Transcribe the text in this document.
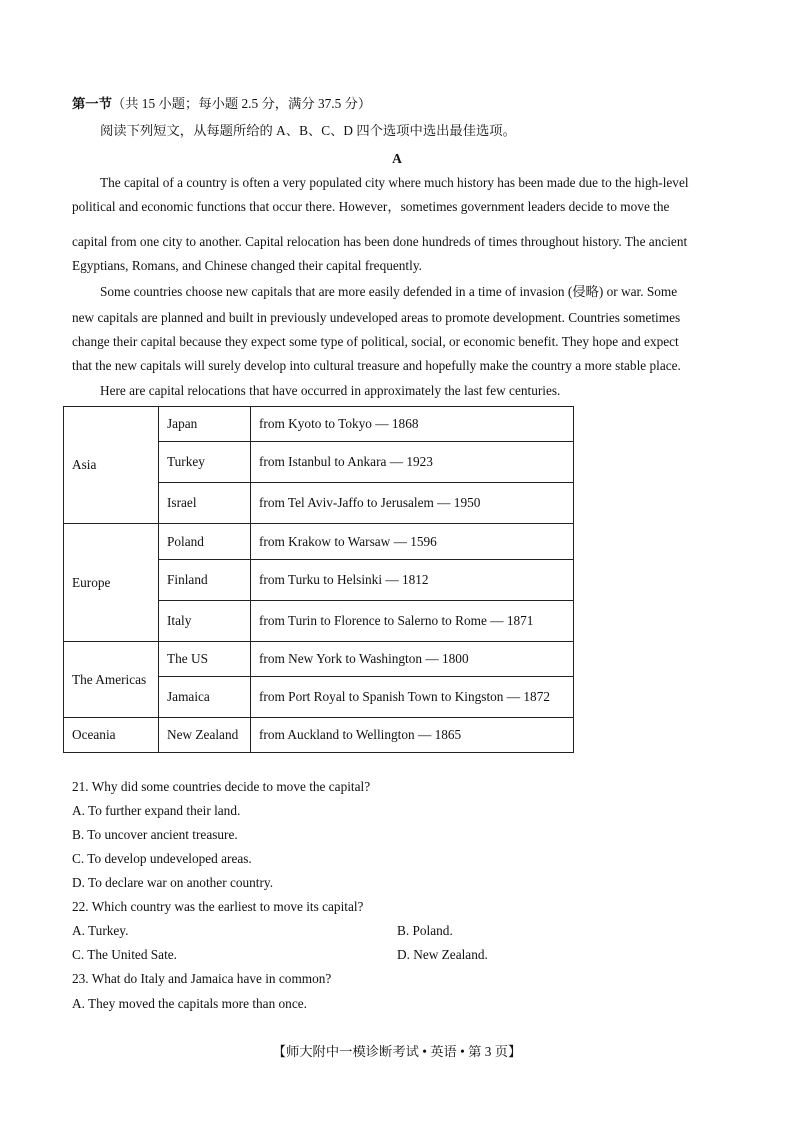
第一节（共 15 小题；每小题 2.5 分，满分 37.5 分）
阅读下列短文，从每题所给的 A、B、C、D 四个选项中选出最佳选项。
A
The capital of a country is often a very populated city where much history has been made due to the high-level
political and economic functions that occur there. However，sometimes government leaders decide to move the
capital from one city to another. Capital relocation has been done hundreds of times throughout history. The ancient
Egyptians, Romans, and Chinese changed their capital frequently.
Some countries choose new capitals that are more easily defended in a time of invasion (侵略) or war. Some
new capitals are planned and built in previously undeveloped areas to promote development. Countries sometimes
change their capital because they expect some type of political, social, or economic benefit. They hope and expect
that the new capitals will surely develop into cultural treasure and hopefully make the country a more stable place.
Here are capital relocations that have occurred in approximately the last few centuries.
Asia	Japan	from Kyoto to Tokyo — 1868
	Turkey	from Istanbul to Ankara — 1923
	Israel	from Tel Aviv-Jaffo to Jerusalem — 1950
Europe	Poland	from Krakow to Warsaw — 1596
	Finland	from Turku to Helsinki — 1812
	Italy	from Turin to Florence to Salerno to Rome — 1871
The Americas	The US	from New York to Washington — 1800
	Jamaica	from Port Royal to Spanish Town to Kingston — 1872
Oceania	New Zealand	from Auckland to Wellington — 1865
21. Why did some countries decide to move the capital?
A. To further expand their land.
B. To uncover ancient treasure.
C. To develop undeveloped areas.
D. To declare war on another country.
22. Which country was the earliest to move its capital?
A. Turkey.	B. Poland.
C. The United Sate.	D. New Zealand.
23. What do Italy and Jamaica have in common?
A. They moved the capitals more than once.
【师大附中一模诊断考试 • 英语 • 第 3 页】
